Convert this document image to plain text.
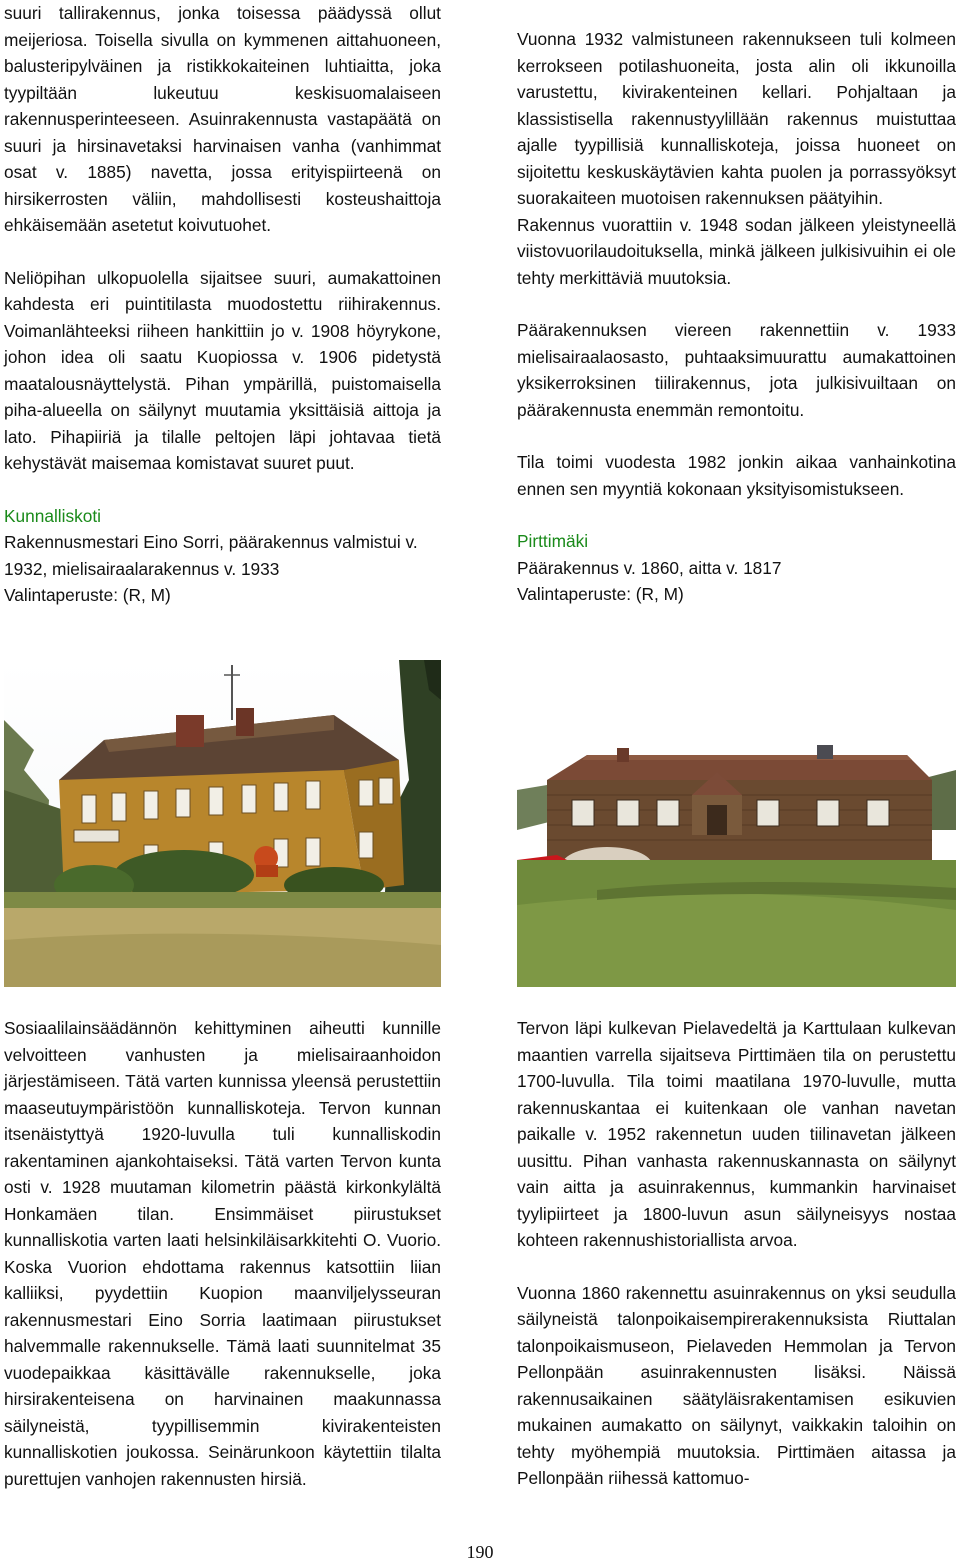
suuri tallirakennus, jonka toisessa päädyssä ollut meijeriosa. Toisella sivulla on kymmenen aittahuoneen, balusteripylväinen ja ristikkokaiteinen luhtiaitta, joka tyypiltään lukeutuu keskisuomalaiseen rakennusperinteeseen. Asuinrakennusta vastapäätä on suuri ja hirsinavetaksi harvinaisen vanha (vanhimmat osat v. 1885) navetta, jossa erityispiirteenä on hirsikerrosten väliin, mahdollisesti kosteushaittoja ehkäisemään asetetut koivutuohet.

Neliöpihan ulkopuolella sijaitsee suuri, aumakattoinen kahdesta eri puintitilasta muodostettu riihirakennus. Voimanlähteeksi riiheen hankittiin jo v. 1908 höyrykone, johon idea oli saatu Kuopiossa v. 1906 pidetystä maatalousnäyttelystä. Pihan ympärillä, puistomaisella piha-alueella on säilynyt muutamia yksittäisiä aittoja ja lato. Pihapiiriä ja tilalle peltojen läpi johtavaa tietä kehystävät maisemaa komistavat suuret puut.

Kunnalliskoti

Rakennusmestari Eino Sorri, päärakennus valmistui v. 1932, mielisairaalarakennus v. 1933

Valintaperuste: (R, M)

Vuonna 1932 valmistuneen rakennukseen tuli kolmeen kerrokseen potilashuoneita, josta alin oli ikkunoilla varustettu, kivirakenteinen kellari. Pohjaltaan ja klassistisella rakennustyylillään rakennus muistuttaa ajalle tyypillisiä kunnalliskoteja, joissa huoneet on sijoitettu keskuskäytävien kahta puolen ja porrassyöksyt suorakaiteen muotoisen rakennuksen päätyihin.

Rakennus vuorattiin v. 1948 sodan jälkeen yleistyneellä viistovuorilaudoituksella, minkä jälkeen julkisivuihin ei ole tehty merkittäviä muutoksia.

Päärakennuksen viereen rakennettiin v. 1933 mielisairaalaosasto, puhtaaksimuurattu aumakattoinen yksikerroksinen tiilirakennus, jota julkisivuiltaan on päärakennusta enemmän remontoitu.

Tila toimi vuodesta 1982 jonkin aikaa vanhainkotina ennen sen myyntiä kokonaan yksityisomistukseen.

Pirttimäki

Päärakennus v. 1860, aitta v. 1817

Valintaperuste: (R, M)

Sosiaalilainsäädännön kehittyminen aiheutti kunnille velvoitteen vanhusten ja mielisairaanhoidon järjestämiseen. Tätä varten kunnissa yleensä perustettiin maaseutuympäristöön kunnalliskoteja. Tervon kunnan itsenäistyttyä 1920-luvulla tuli kunnalliskodin rakentaminen ajankohtaiseksi. Tätä varten Tervon kunta osti v. 1928 muutaman kilometrin päästä kirkonkylältä Honkamäen tilan. Ensimmäiset piirustukset kunnalliskotia varten laati helsinkiläisarkkitehti O. Vuorio. Koska Vuorion ehdottama rakennus katsottiin liian kalliiksi, pyydettiin Kuopion maanviljelysseuran rakennusmestari Eino Sorria laatimaan piirustukset halvemmalle rakennukselle. Tämä laati suunnitelmat 35 vuodepaikkaa käsittävälle rakennukselle, joka hirsirakenteisena on harvinainen maakunnassa säilyneistä, tyypillisemmin kivirakenteisten kunnalliskotien joukossa. Seinärunkoon käytettiin tilalta purettujen vanhojen rakennusten hirsiä.

Tervon läpi kulkevan Pielavedeltä ja Karttulaan kulkevan maantien varrella sijaitseva Pirttimäen tila on perustettu 1700-luvulla. Tila toimi maatilana 1970-luvulle, mutta rakennuskantaa ei kuitenkaan ole vanhan navetan paikalle v. 1952 rakennetun uuden tiilinavetan jälkeen uusittu. Pihan vanhasta rakennuskannasta on säilynyt vain aitta ja asuinrakennus, kummankin harvinaiset tyylipiirteet ja 1800-luvun asun säilyneisyys nostaa kohteen rakennushistoriallista arvoa.

Vuonna 1860 rakennettu asuinrakennus on yksi seudulla säilyneistä talonpoikaisempirerakennuksista Riuttalan talonpoikaismuseon, Pielaveden Hemmolan ja Tervon Pellonpään asuinrakennusten lisäksi. Näissä rakennusaikainen säätyläisrakentamisen esikuvien mukainen aumakatto on säilynyt, vaikkakin taloihin on tehty myöhempiä muutoksia. Pirttimäen aitassa ja Pellonpään riihessä kattomuo-

190
